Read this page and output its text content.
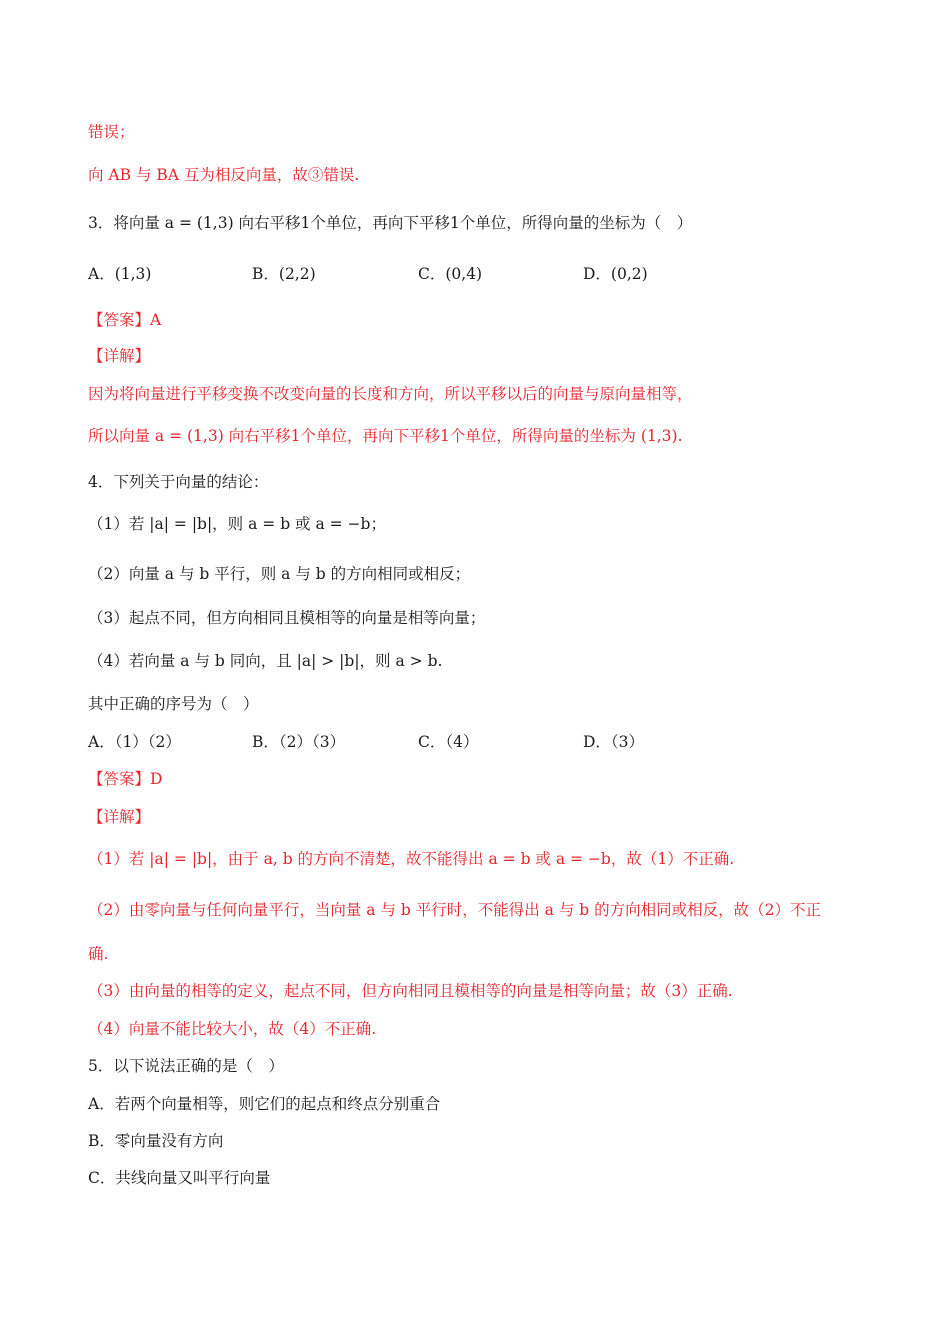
错误；
向 AB 与 BA 互为相反向量，故③错误.
3．将向量 a = (1,3) 向右平移1个单位，再向下平移1个单位，所得向量的坐标为（　）
A．(1,3)	B．(2,2)	C．(0,4)	D．(0,2)
【答案】A
【详解】
因为将向量进行平移变换不改变向量的长度和方向，所以平移以后的向量与原向量相等，
所以向量 a = (1,3) 向右平移1个单位，再向下平移1个单位，所得向量的坐标为 (1,3).
4．下列关于向量的结论：
（1）若 |a| = |b|，则 a = b 或 a = −b；
（2）向量 a 与 b 平行，则 a 与 b 的方向相同或相反；
（3）起点不同，但方向相同且模相等的向量是相等向量；
（4）若向量 a 与 b 同向，且 |a| > |b|，则 a > b.
其中正确的序号为（　）
A．（1）（2）	B．（2）（3）	C．（4）	D．（3）
【答案】D
【详解】
（1）若 |a| = |b|，由于 a, b 的方向不清楚，故不能得出 a = b 或 a = −b，故（1）不正确.
（2）由零向量与任何向量平行，当向量 a 与 b 平行时，不能得出 a 与 b 的方向相同或相反，故（2）不正
确.
（3）由向量的相等的定义，起点不同，但方向相同且模相等的向量是相等向量；故（3）正确.
（4）向量不能比较大小，故（4）不正确.
5．以下说法正确的是（　）
A．若两个向量相等，则它们的起点和终点分别重合
B．零向量没有方向
C．共线向量又叫平行向量
